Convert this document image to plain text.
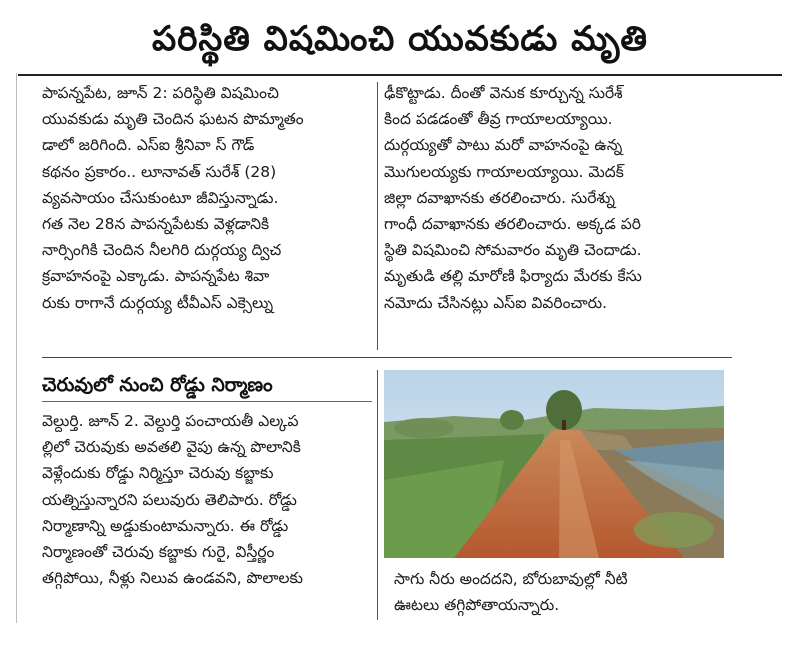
పరిస్థితి విషమించి యువకుడు మృతి

పాపన్నపేట, జూన్ 2: పరిస్థితి విషమించి

యువకుడు మృతి చెందిన ఘటన పొమ్మాతం

డాలో జరిగింది. ఎస్ఐ శ్రీనివా స్ గౌడ్

కథనం ప్రకారం.. లూనావత్ సురేశ్ (28)

వ్యవసాయం చేసుకుంటూ జీవిస్తున్నాడు.

గత నెల 28న పాపన్నపేటకు వెళ్లడానికి

నార్సింగికి చెందిన నీలగిరి దుర్గయ్య ద్విచ

క్రవాహనంపై ఎక్కాడు. పాపన్నపేట శివా

రుకు రాగానే దుర్గయ్య టీవీఎస్ ఎక్సెల్ను

ఢీకొట్టాడు. దీంతో వెనుక కూర్చున్న సురేశ్

కింద పడడంతో తీవ్ర గాయాలయ్యాయి.

దుర్గయ్యతో పాటు మరో వాహనంపై ఉన్న

మొగులయ్యకు గాయాలయ్యాయి. మెదక్

జిల్లా దవాఖానకు తరలించారు. సురేశ్ను

గాంధీ దవాఖానకు తరలించారు. అక్కడ పరి

స్థితి విషమించి సోమవారం మృతి చెందాడు.

మృతుడి తల్లి మారోణి ఫిర్యాదు మేరకు కేసు

నమోదు చేసినట్లు ఎస్ఐ వివరించారు.

చెరువులో నుంచి రోడ్డు నిర్మాణం

వెల్దుర్తి. జూన్ 2. వెల్దుర్తి పంచాయతీ ఎల్కప

ల్లిలో చెరువుకు అవతలి వైపు ఉన్న పొలానికి

వెళ్లేందుకు రోడ్డు నిర్మిస్తూ చెరువు కబ్జాకు

యత్నిస్తున్నారని పలువురు తెలిపారు. రోడ్డు

నిర్మాణాన్ని అడ్డుకుంటామన్నారు. ఈ రోడ్డు

నిర్మాణంతో చెరువు కబ్జాకు గురై, విస్తీర్ణం

తగ్గిపోయి, నీళ్లు నిలువ ఉండవని, పొలాలకు	సాగు నీరు అందదని, బోరుబావుల్లో నీటి

ఊటలు తగ్గిపోతాయన్నారు.
